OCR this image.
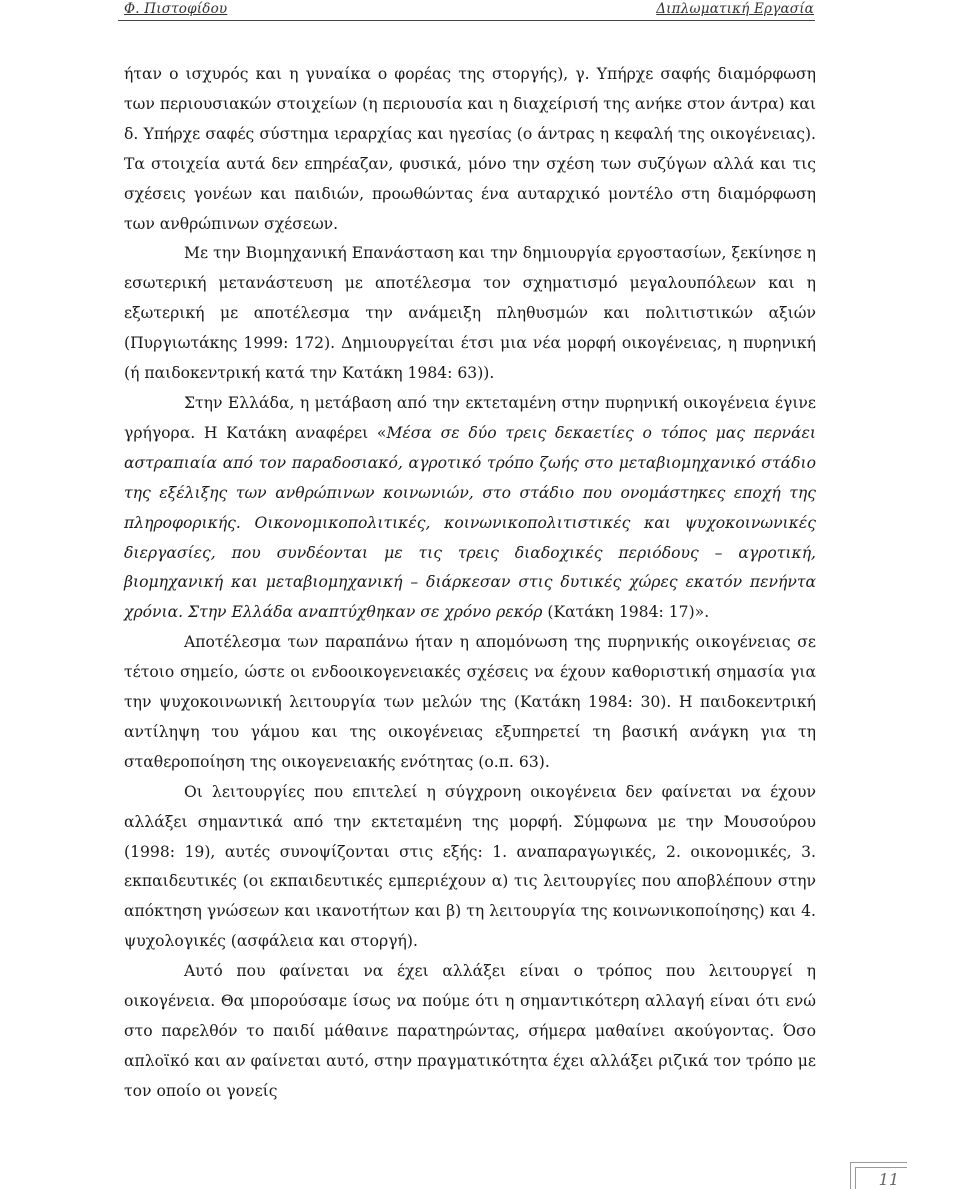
Φ. Πιστοφίδου	Διπλωματική Εργασία

ήταν ο ισχυρός και η γυναίκα ο φορέας της στοργής), γ. Υπήρχε σαφής διαμόρφωση των περιουσιακών στοιχείων (η περιουσία και η διαχείρισή της ανήκε στον άντρα) και δ. Υπήρχε σαφές σύστημα ιεραρχίας και ηγεσίας (ο άντρας η κεφαλή της οικογένειας). Τα στοιχεία αυτά δεν επηρέαζαν, φυσικά, μόνο την σχέση των συζύγων αλλά και τις σχέσεις γονέων και παιδιών, προωθώντας ένα αυταρχικό μοντέλο στη διαμόρφωση των ανθρώπινων σχέσεων.

Με την Βιομηχανική Επανάσταση και την δημιουργία εργοστασίων, ξεκίνησε η εσωτερική μετανάστευση με αποτέλεσμα τον σχηματισμό μεγαλουπόλεων και η εξωτερική με αποτέλεσμα την ανάμειξη πληθυσμών και πολιτιστικών αξιών (Πυργιωτάκης 1999: 172). Δημιουργείται έτσι μια νέα μορφή οικογένειας, η πυρηνική (ή παιδοκεντρική κατά την Κατάκη 1984: 63)).

Στην Ελλάδα, η μετάβαση από την εκτεταμένη στην πυρηνική οικογένεια έγινε γρήγορα. Η Κατάκη αναφέρει «Μέσα σε δύο τρεις δεκαετίες ο τόπος μας περνάει αστραπιαία από τον παραδοσιακό, αγροτικό τρόπο ζωής στο μεταβιομηχανικό στάδιο της εξέλιξης των ανθρώπινων κοινωνιών, στο στάδιο που ονομάστηκες εποχή της πληροφορικής. Οικονομικοπολιτικές, κοινωνικοπολιτιστικές και ψυχοκοινωνικές διεργασίες, που συνδέονται με τις τρεις διαδοχικές περιόδους – αγροτική, βιομηχανική και μεταβιομηχανική – διάρκεσαν στις δυτικές χώρες εκατόν πενήντα χρόνια. Στην Ελλάδα αναπτύχθηκαν σε χρόνο ρεκόρ (Κατάκη 1984: 17)».

Αποτέλεσμα των παραπάνω ήταν η απομόνωση της πυρηνικής οικογένειας σε τέτοιο σημείο, ώστε οι ενδοοικογενειακές σχέσεις να έχουν καθοριστική σημασία για την ψυχοκοινωνική λειτουργία των μελών της (Κατάκη 1984: 30). Η παιδοκεντρική αντίληψη του γάμου και της οικογένειας εξυπηρετεί τη βασική ανάγκη για τη σταθεροποίηση της οικογενειακής ενότητας (ο.π. 63).

Οι λειτουργίες που επιτελεί η σύγχρονη οικογένεια δεν φαίνεται να έχουν αλλάξει σημαντικά από την εκτεταμένη της μορφή. Σύμφωνα με την Μουσούρου (1998: 19), αυτές συνοψίζονται στις εξής: 1. αναπαραγωγικές, 2. οικονομικές, 3. εκπαιδευτικές (οι εκπαιδευτικές εμπεριέχουν α) τις λειτουργίες που αποβλέπουν στην απόκτηση γνώσεων και ικανοτήτων και β) τη λειτουργία της κοινωνικοποίησης) και 4. ψυχολογικές (ασφάλεια και στοργή).

Αυτό που φαίνεται να έχει αλλάξει είναι ο τρόπος που λειτουργεί η οικογένεια. Θα μπορούσαμε ίσως να πούμε ότι η σημαντικότερη αλλαγή είναι ότι ενώ στο παρελθόν το παιδί μάθαινε παρατηρώντας, σήμερα μαθαίνει ακούγοντας. Όσο απλοϊκό και αν φαίνεται αυτό, στην πραγματικότητα έχει αλλάξει ριζικά τον τρόπο με τον οποίο οι γονείς

11
